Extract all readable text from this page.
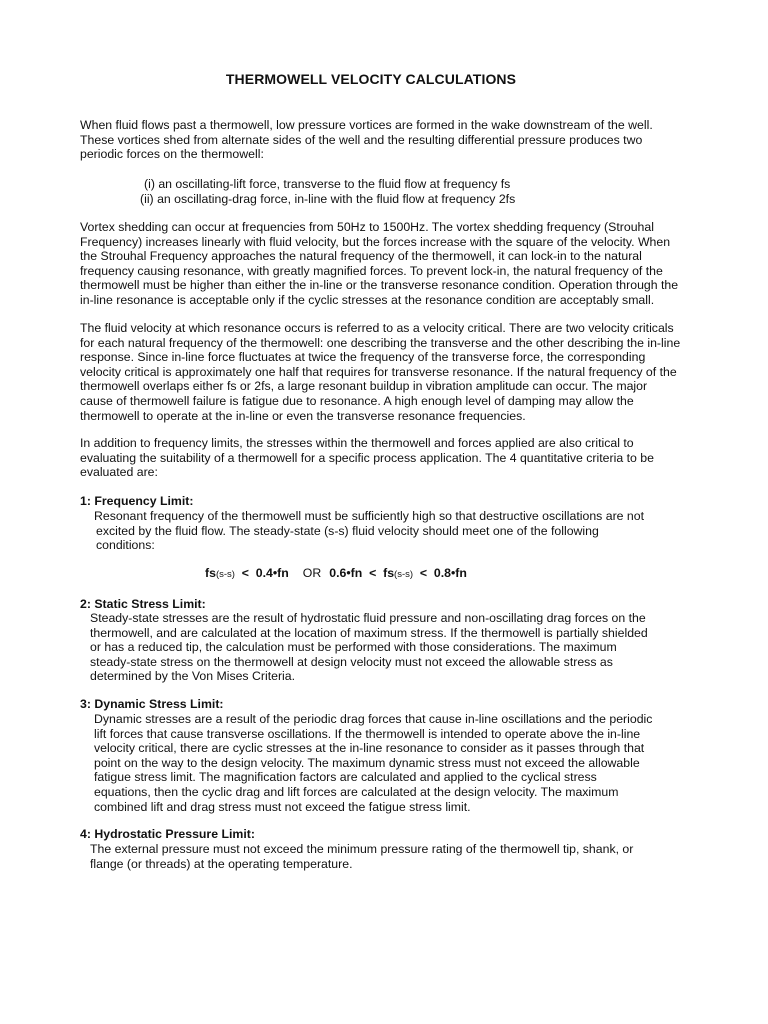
THERMOWELL VELOCITY CALCULATIONS

When fluid flows past a thermowell, low pressure vortices are formed in the wake downstream of the well.
These vortices shed from alternate sides of the well and the resulting differential pressure produces two
periodic forces on the thermowell:

(i) an oscillating-lift force, transverse to the fluid flow at frequency fs
(ii) an oscillating-drag force, in-line with the fluid flow at frequency 2fs

Vortex shedding can occur at frequencies from 50Hz to 1500Hz. The vortex shedding frequency (Strouhal
Frequency) increases linearly with fluid velocity, but the forces increase with the square of the velocity. When
the Strouhal Frequency approaches the natural frequency of the thermowell, it can lock-in to the natural
frequency causing resonance, with greatly magnified forces. To prevent lock-in, the natural frequency of the
thermowell must be higher than either the in-line or the transverse resonance condition. Operation through the
in-line resonance is acceptable only if the cyclic stresses at the resonance condition are acceptably small.

The fluid velocity at which resonance occurs is referred to as a velocity critical. There are two velocity criticals
for each natural frequency of the thermowell: one describing the transverse and the other describing the in-line
response. Since in-line force fluctuates at twice the frequency of the transverse force, the corresponding
velocity critical is approximately one half that requires for transverse resonance. If the natural frequency of the
thermowell overlaps either fs or 2fs, a large resonant buildup in vibration amplitude can occur. The major
cause of thermowell failure is fatigue due to resonance. A high enough level of damping may allow the
thermowell to operate at the in-line or even the transverse resonance frequencies.

In addition to frequency limits, the stresses within the thermowell and forces applied are also critical to
evaluating the suitability of a thermowell for a specific process application. The 4 quantitative criteria to be
evaluated are:

1: Frequency Limit:

Resonant frequency of the thermowell must be sufficiently high so that destructive oscillations are not
excited by the fluid flow. The steady-state (s-s) fluid velocity should meet one of the following
conditions:

fs(s-s)  <  0.4•fn OR 0.6•fn  <  fs(s-s)  <  0.8•fn

2: Static Stress Limit:

Steady-state stresses are the result of hydrostatic fluid pressure and non-oscillating drag forces on the
thermowell, and are calculated at the location of maximum stress. If the thermowell is partially shielded
or has a reduced tip, the calculation must be performed with those considerations. The maximum
steady-state stress on the thermowell at design velocity must not exceed the allowable stress as
determined by the Von Mises Criteria.

3: Dynamic Stress Limit:

Dynamic stresses are a result of the periodic drag forces that cause in-line oscillations and the periodic
lift forces that cause transverse oscillations. If the thermowell is intended to operate above the in-line
velocity critical, there are cyclic stresses at the in-line resonance to consider as it passes through that
point on the way to the design velocity. The maximum dynamic stress must not exceed the allowable
fatigue stress limit. The magnification factors are calculated and applied to the cyclical stress
equations, then the cyclic drag and lift forces are calculated at the design velocity. The maximum
combined lift and drag stress must not exceed the fatigue stress limit.

4: Hydrostatic Pressure Limit:

The external pressure must not exceed the minimum pressure rating of the thermowell tip, shank, or
flange (or threads) at the operating temperature.
